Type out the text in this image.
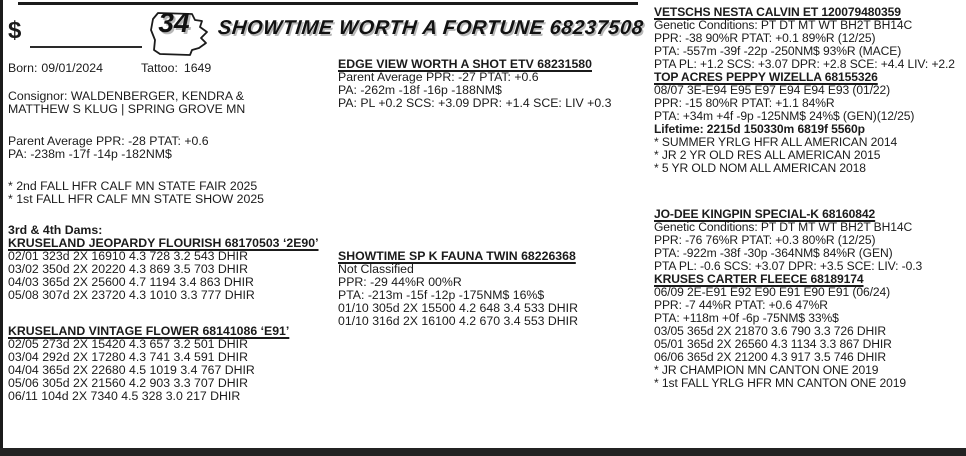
$	34	SHOWTIME WORTH A FORTUNE 68237508
Born: 09/01/2024	Tattoo: 1649
Consignor: WALDENBERGER, KENDRA &
MATTHEW S KLUG | SPRING GROVE MN
Parent Average PPR: -28 PTAT: +0.6
PA: -238m -17f -14p -182NM$
* 2nd FALL HFR CALF MN STATE FAIR 2025
* 1st FALL HFR CALF MN STATE SHOW 2025
3rd & 4th Dams:
KRUSELAND JEOPARDY FLOURISH 68170503 ‘2E90’
02/01 323d 2X 16910 4.3 728 3.2 543 DHIR
03/02 350d 2X 20220 4.3 869 3.5 703 DHIR
04/03 365d 2X 25600 4.7 1194 3.4 863 DHIR
05/08 307d 2X 23720 4.3 1010 3.3 777 DHIR
KRUSELAND VINTAGE FLOWER 68141086 ‘E91’
02/05 273d 2X 15420 4.3 657 3.2 501 DHIR
03/04 292d 2X 17280 4.3 741 3.4 591 DHIR
04/04 365d 2X 22680 4.5 1019 3.4 767 DHIR
05/06 305d 2X 21560 4.2 903 3.3 707 DHIR
06/11 104d 2X 7340 4.5 328 3.0 217 DHIR
EDGE VIEW WORTH A SHOT ETV 68231580
Parent Average PPR: -27 PTAT: +0.6
PA: -262m -18f -16p -188NM$
PA: PL +0.2 SCS: +3.09 DPR: +1.4 SCE: LIV +0.3
SHOWTIME SP K FAUNA TWIN 68226368
Not Classified
PPR: -29 44%R 00%R
PTA: -213m -15f -12p -175NM$ 16%$
01/10 305d 2X 15500 4.2 648 3.4 533 DHIR
01/10 316d 2X 16100 4.2 670 3.4 553 DHIR
VETSCHS NESTA CALVIN ET 120079480359
Genetic Conditions: PT DT MT WT BH2T BH14C
PPR: -38 90%R PTAT: +0.1 89%R (12/25)
PTA: -557m -39f -22p -250NM$ 93%R (MACE)
PTA PL: +1.2 SCS: +3.07 DPR: +2.8 SCE: +4.4 LIV: +2.2
TOP ACRES PEPPY WIZELLA 68155326
08/07 3E-E94 E95 E97 E94 E94 E93 (01/22)
PPR: -15 80%R PTAT: +1.1 84%R
PTA: +34m +4f -9p -125NM$ 24%$ (GEN)(12/25)
Lifetime: 2215d 150330m 6819f 5560p
* SUMMER YRLG HFR ALL AMERICAN 2014
* JR 2 YR OLD RES ALL AMERICAN 2015
* 5 YR OLD NOM ALL AMERICAN 2018
JO-DEE KINGPIN SPECIAL-K 68160842
Genetic Conditions: PT DT MT WT BH2T BH14C
PPR: -76 76%R PTAT: +0.3 80%R (12/25)
PTA: -922m -38f -30p -364NM$ 84%R (GEN)
PTA PL: -0.6 SCS: +3.07 DPR: +3.5 SCE: LIV: -0.3
KRUSES CARTER FLEECE 68189174
06/09 2E-E91 E92 E90 E91 E90 E91 (06/24)
PPR: -7 44%R PTAT: +0.6 47%R
PTA: +118m +0f -6p -75NM$ 33%$
03/05 365d 2X 21870 3.6 790 3.3 726 DHIR
05/01 365d 2X 26560 4.3 1134 3.3 867 DHIR
06/06 365d 2X 21200 4.3 917 3.5 746 DHIR
* JR CHAMPION MN CANTON ONE 2019
* 1st FALL YRLG HFR MN CANTON ONE 2019
